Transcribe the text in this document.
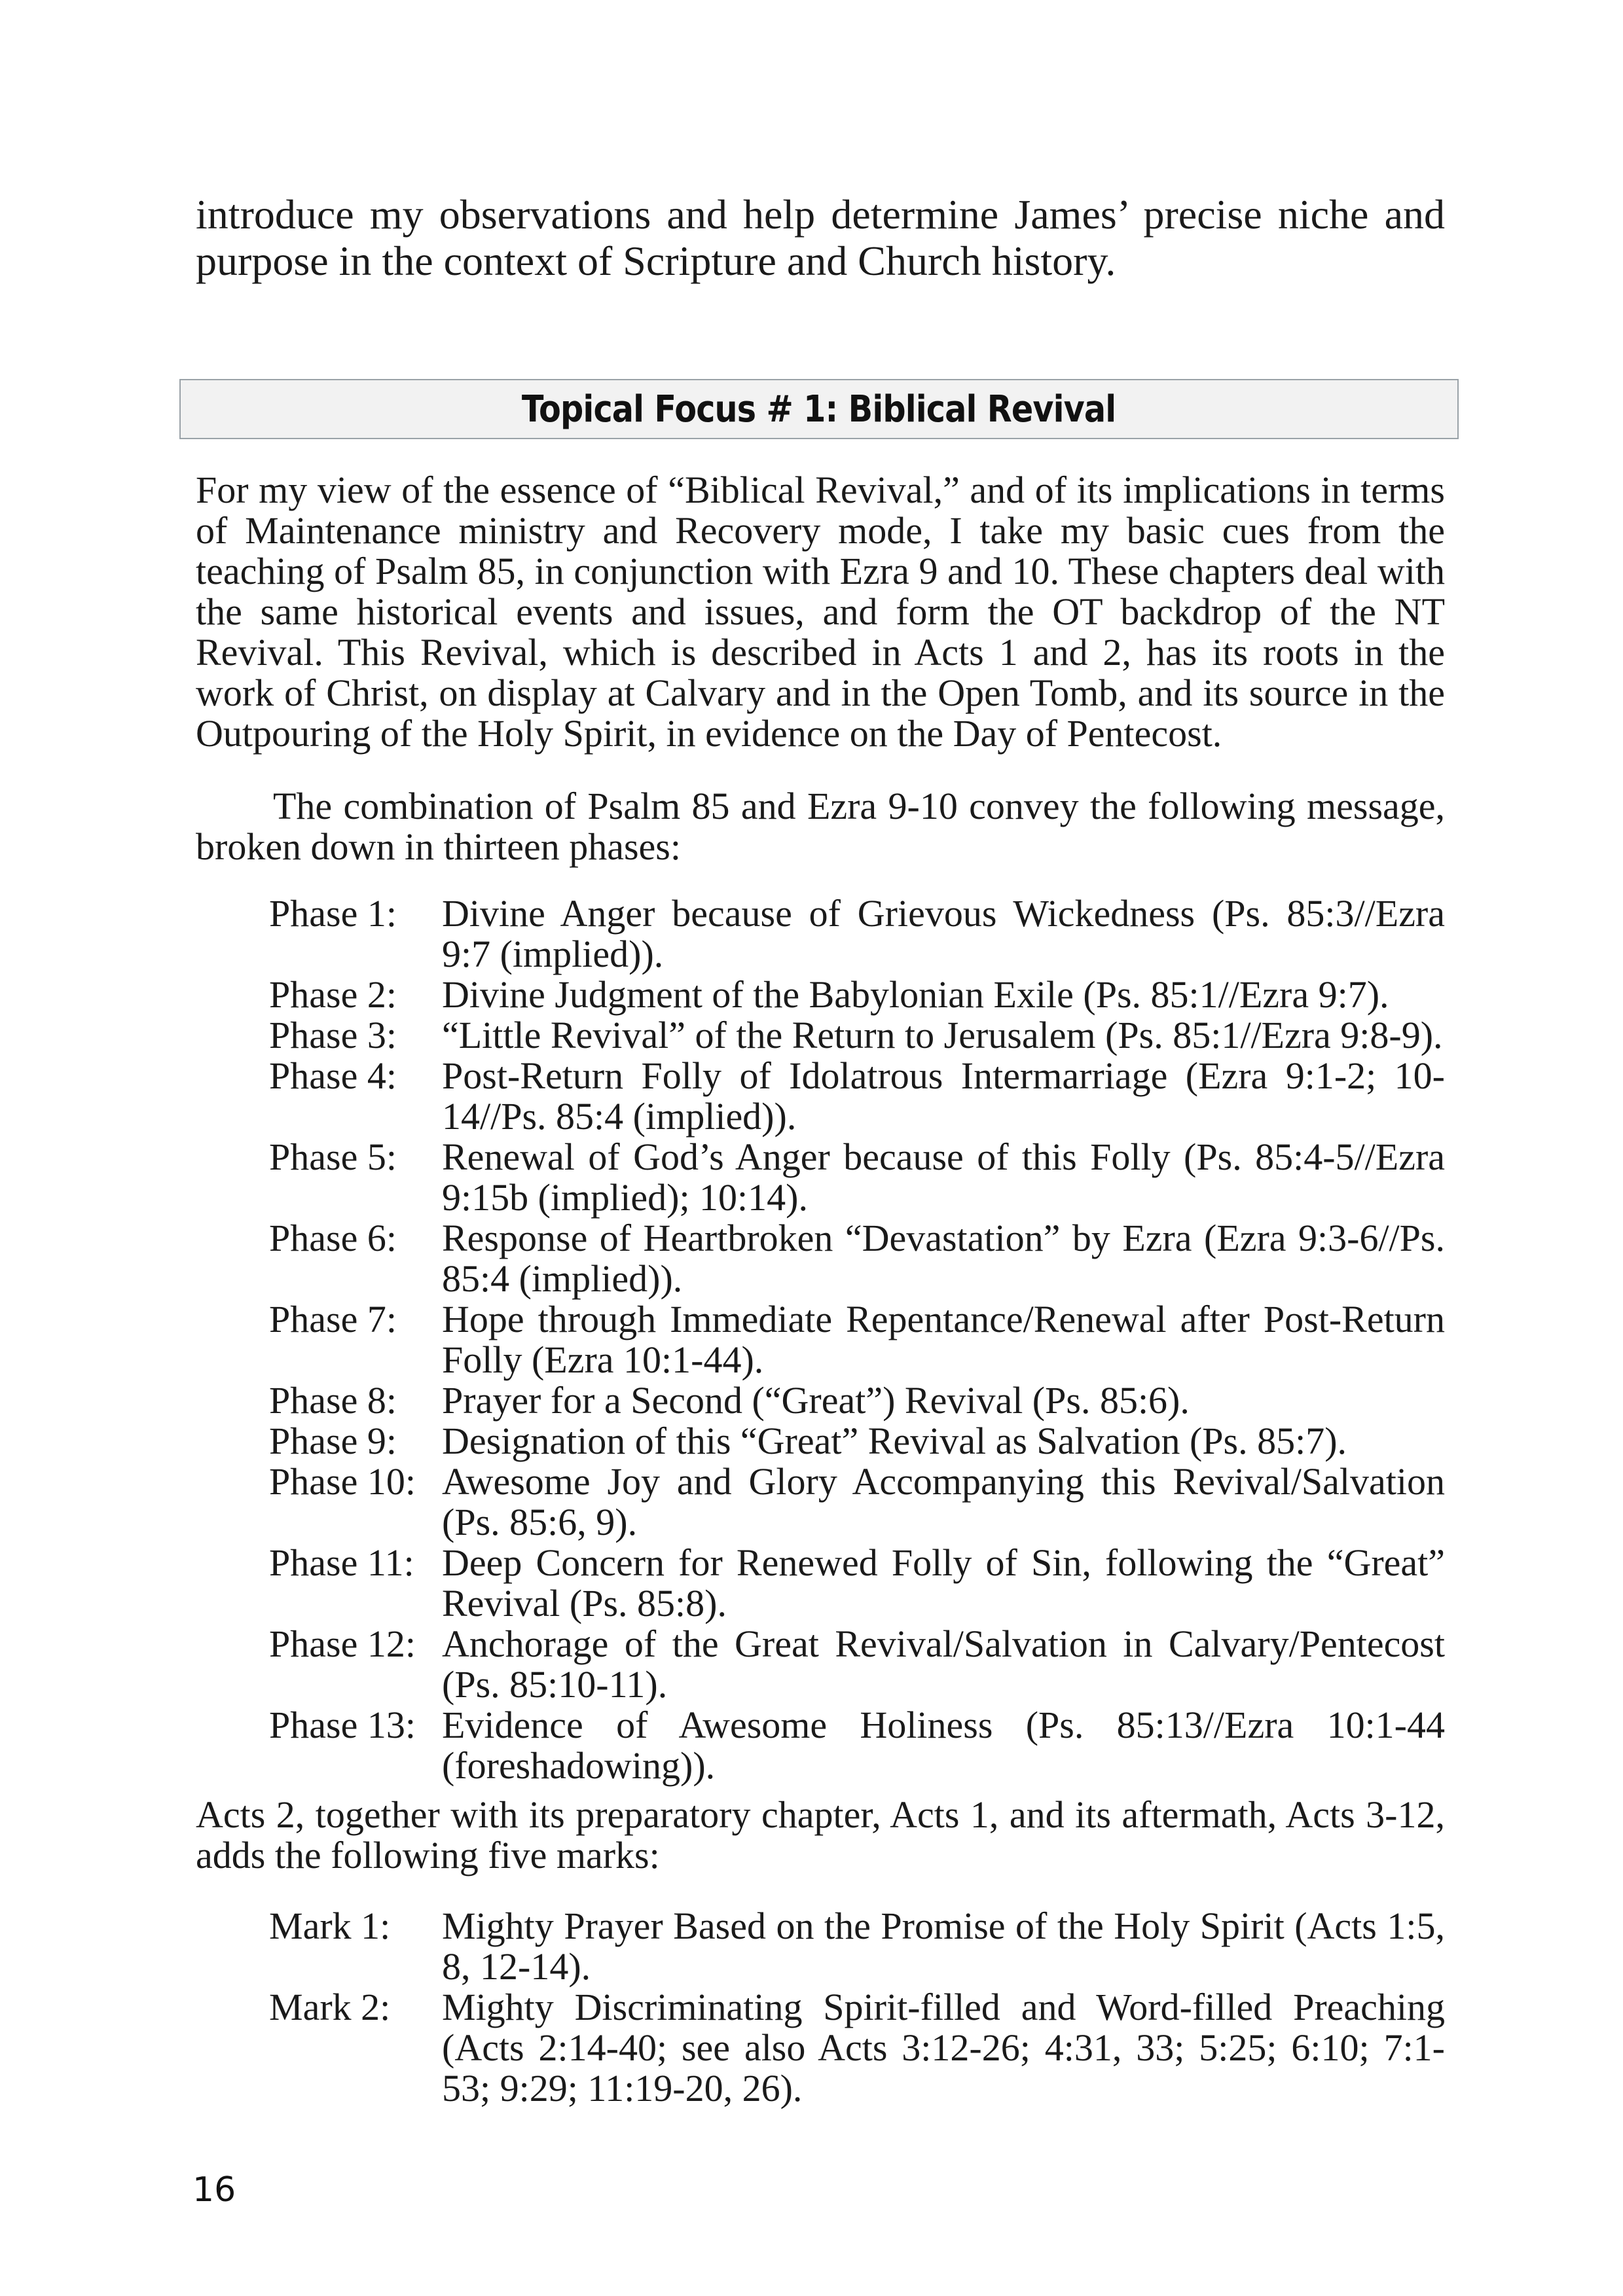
introduce my observations and help determine James’ precise niche and purpose in the context of Scripture and Church history.

Topical Focus # 1: Biblical Revival

For my view of the essence of “Biblical Revival,” and of its implications in terms of Maintenance ministry and Recovery mode, I take my basic cues from the teaching of Psalm 85, in conjunction with Ezra 9 and 10. These chapters deal with the same historical events and issues, and form the OT backdrop of the NT Revival. This Revival, which is described in Acts 1 and 2, has its roots in the work of Christ, on display at Calvary and in the Open Tomb, and its source in the Outpouring of the Holy Spirit, in evidence on the Day of Pentecost.

The combination of Psalm 85 and Ezra 9-10 convey the following message, broken down in thirteen phases:

Phase 1:	Divine Anger because of Grievous Wickedness (Ps. 85:3//Ezra 9:7 (implied)).
Phase 2:	Divine Judgment of the Babylonian Exile (Ps. 85:1//Ezra 9:7).
Phase 3:	“Little Revival” of the Return to Jerusalem (Ps. 85:1//Ezra 9:8-9).
Phase 4:	Post-Return Folly of Idolatrous Intermarriage (Ezra 9:1-2; 10-14//Ps. 85:4 (implied)).
Phase 5:	Renewal of God’s Anger because of this Folly (Ps. 85:4-5//Ezra 9:15b (implied); 10:14).
Phase 6:	Response of Heartbroken “Devastation” by Ezra (Ezra 9:3-6//Ps. 85:4 (implied)).
Phase 7:	Hope through Immediate Repentance/Renewal after Post-Return Folly (Ezra 10:1-44).
Phase 8:	Prayer for a Second (“Great”) Revival (Ps. 85:6).
Phase 9:	Designation of this “Great” Revival as Salvation (Ps. 85:7).
Phase 10: Awesome Joy and Glory Accompanying this Revival/Salvation (Ps. 85:6, 9).
Phase 11: Deep Concern for Renewed Folly of Sin, following the “Great” Revival (Ps. 85:8).
Phase 12: Anchorage of the Great Revival/Salvation in Calvary/Pentecost (Ps. 85:10-11).
Phase 13: Evidence of Awesome Holiness (Ps. 85:13//Ezra 10:1-44 (foreshadowing)).

Acts 2, together with its preparatory chapter, Acts 1, and its aftermath, Acts 3-12, adds the following five marks:

Mark 1:	Mighty Prayer Based on the Promise of the Holy Spirit (Acts 1:5, 8, 12-14).
Mark 2:	Mighty Discriminating Spirit-filled and Word-filled Preaching (Acts 2:14-40; see also Acts 3:12-26; 4:31, 33; 5:25; 6:10; 7:1-53; 9:29; 11:19-20, 26).
16
